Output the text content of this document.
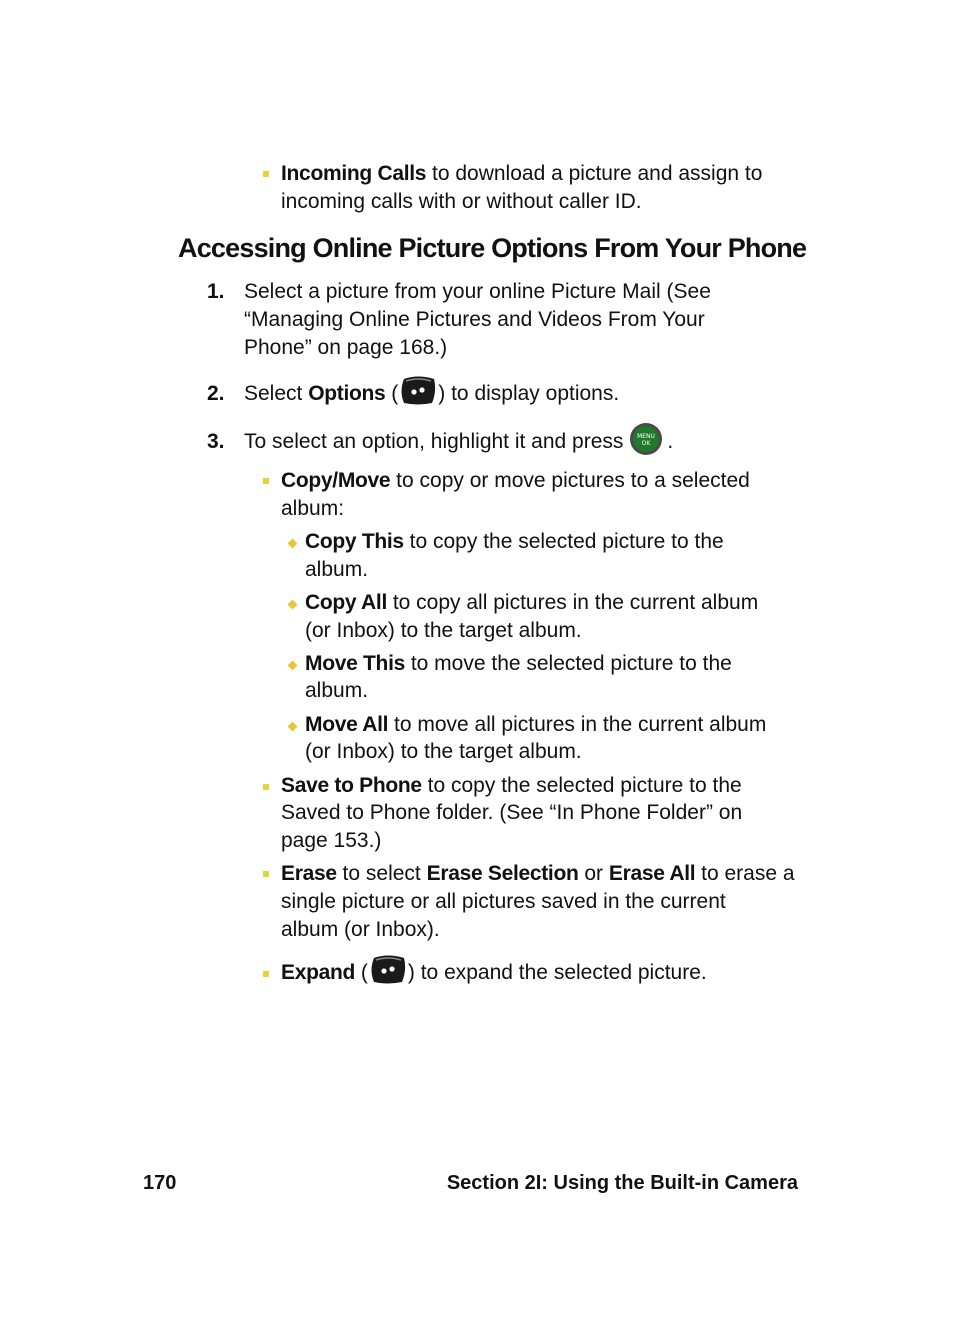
Incoming Calls to download a picture and assign to
incoming calls with or without caller ID.
Accessing Online Picture Options From Your Phone
1. Select a picture from your online Picture Mail (See
“Managing Online Pictures and Videos From Your
Phone” on page 168.)
2. Select Options ( ) to display options.
3. To select an option, highlight it and press MENU
OK .
Copy/Move to copy or move pictures to a selected
album:
Copy This to copy the selected picture to the
album.
Copy All to copy all pictures in the current album
(or Inbox) to the target album.
Move This to move the selected picture to the
album.
Move All to move all pictures in the current album
(or Inbox) to the target album.
Save to Phone to copy the selected picture to the
Saved to Phone folder. (See “In Phone Folder” on
page 153.)
Erase to select Erase Selection or Erase All to erase a
single picture or all pictures saved in the current
album (or Inbox).
Expand ( ) to expand the selected picture.
170	Section 2I: Using the Built-in Camera
